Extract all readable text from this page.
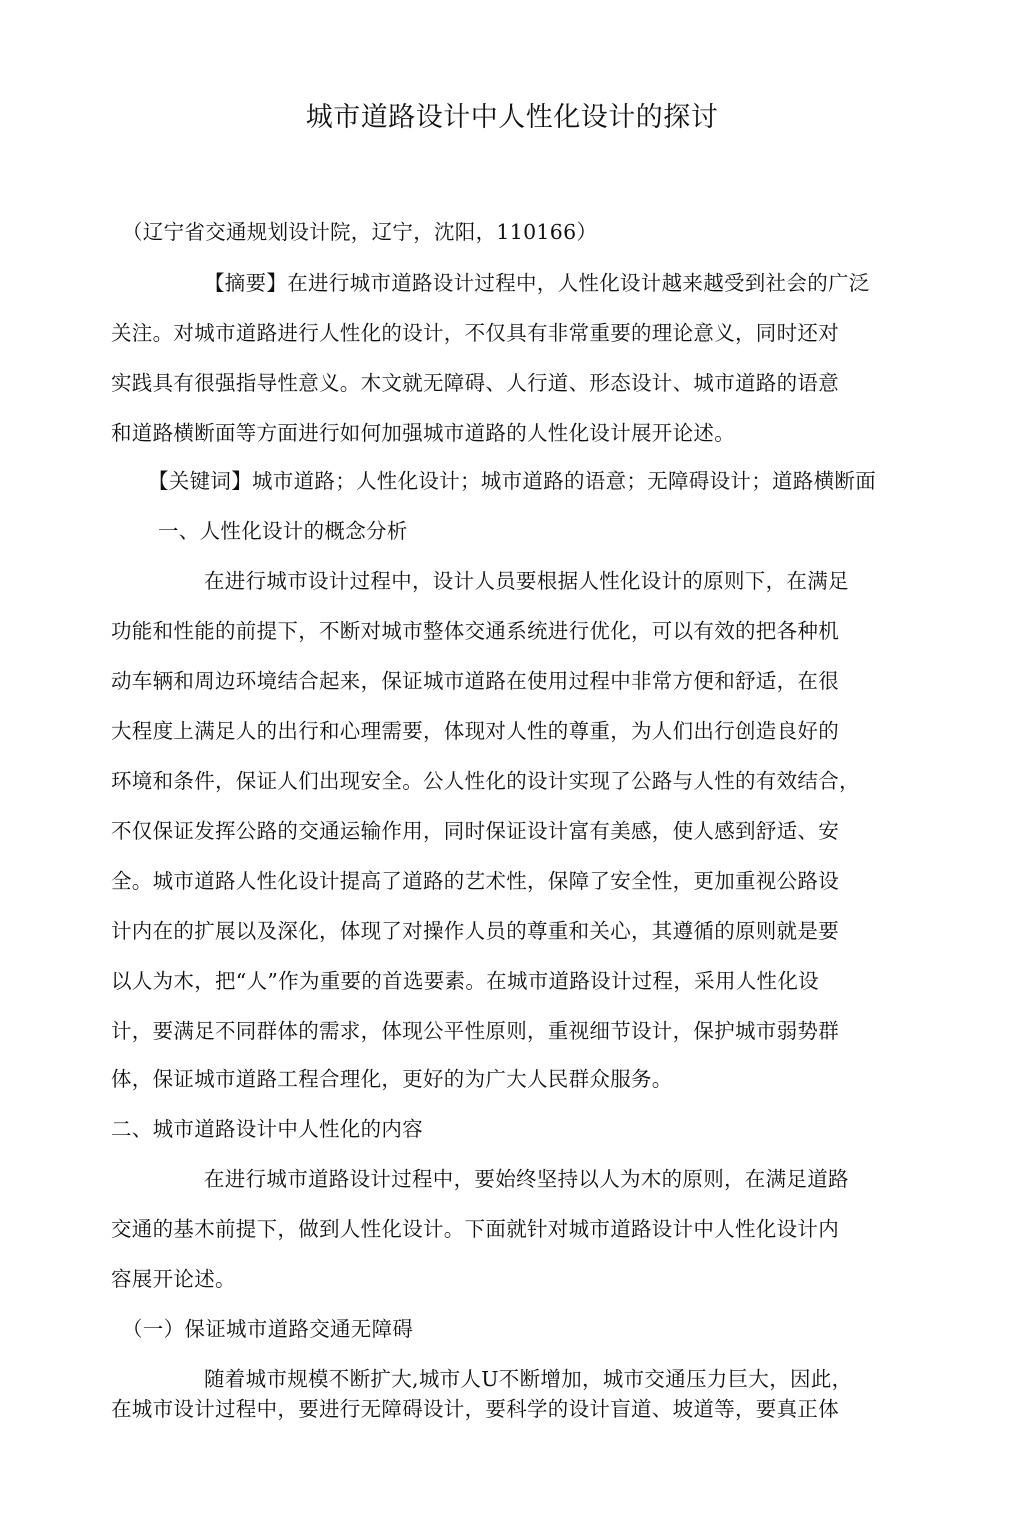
城市道路设计中人性化设计的探讨
（辽宁省交通规划设计院，辽宁，沈阳，110166）
【摘要】在进行城市道路设计过程中，人性化设计越来越受到社会的广泛
关注。对城市道路进行人性化的设计，不仅具有非常重要的理论意义，同时还对
实践具有很强指导性意义。木文就无障碍、人行道、形态设计、城市道路的语意
和道路横断面等方面进行如何加强城市道路的人性化设计展开论述。
【关键词】城市道路；人性化设计；城市道路的语意；无障碍设计；道路横断面
一、人性化设计的概念分析
在进行城市设计过程中，设计人员要根据人性化设计的原则下，在满足
功能和性能的前提下，不断对城市整体交通系统进行优化，可以有效的把各种机
动车辆和周边环境结合起来，保证城市道路在使用过程中非常方便和舒适，在很
大程度上满足人的出行和心理需要，体现对人性的尊重，为人们出行创造良好的
环境和条件，保证人们出现安全。公人性化的设计实现了公路与人性的有效结合，
不仅保证发挥公路的交通运输作用，同时保证设计富有美感，使人感到舒适、安
全。城市道路人性化设计提高了道路的艺术性，保障了安全性，更加重视公路设
计内在的扩展以及深化，体现了对操作人员的尊重和关心，其遵循的原则就是要
以人为木，把“人”作为重要的首选要素。在城市道路设计过程，采用人性化设
计，要满足不同群体的需求，体现公平性原则，重视细节设计，保护城市弱势群
体，保证城市道路工程合理化，更好的为广大人民群众服务。
二、城市道路设计中人性化的内容
在进行城市道路设计过程中，要始终坚持以人为木的原则，在满足道路
交通的基木前提下，做到人性化设计。下面就针对城市道路设计中人性化设计内
容展开论述。
（一）保证城市道路交通无障碍
随着城市规模不断扩大,城市人U不断增加，城市交通压力巨大，因此，
在城市设计过程中，要进行无障碍设计，要科学的设计盲道、坡道等，要真正体
